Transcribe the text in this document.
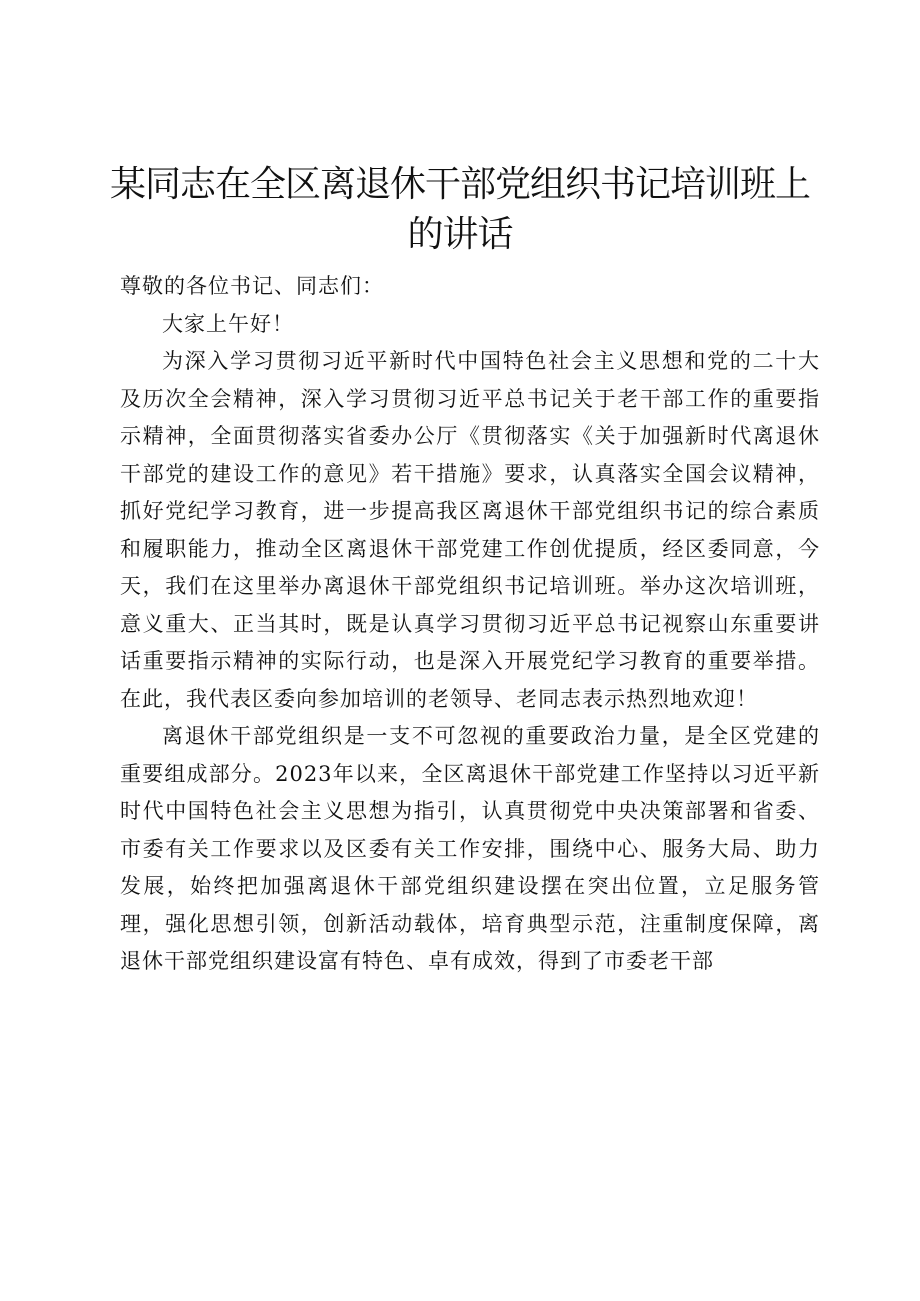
某同志在全区离退休干部党组织书记培训班上的讲话

尊敬的各位书记、同志们：

大家上午好！

为深入学习贯彻习近平新时代中国特色社会主义思想和党的二十大及历次全会精神，深入学习贯彻习近平总书记关于老干部工作的重要指示精神，全面贯彻落实省委办公厅《贯彻落实《关于加强新时代离退休干部党的建设工作的意见》若干措施》要求，认真落实全国会议精神，抓好党纪学习教育，进一步提高我区离退休干部党组织书记的综合素质和履职能力，推动全区离退休干部党建工作创优提质，经区委同意，今天，我们在这里举办离退休干部党组织书记培训班。举办这次培训班，意义重大、正当其时，既是认真学习贯彻习近平总书记视察山东重要讲话重要指示精神的实际行动，也是深入开展党纪学习教育的重要举措。在此，我代表区委向参加培训的老领导、老同志表示热烈地欢迎！

离退休干部党组织是一支不可忽视的重要政治力量，是全区党建的重要组成部分。2023年以来，全区离退休干部党建工作坚持以习近平新时代中国特色社会主义思想为指引，认真贯彻党中央决策部署和省委、市委有关工作要求以及区委有关工作安排，围绕中心、服务大局、助力发展，始终把加强离退休干部党组织建设摆在突出位置，立足服务管理，强化思想引领，创新活动载体，培育典型示范，注重制度保障，离退休干部党组织建设富有特色、卓有成效，得到了市委老干部
